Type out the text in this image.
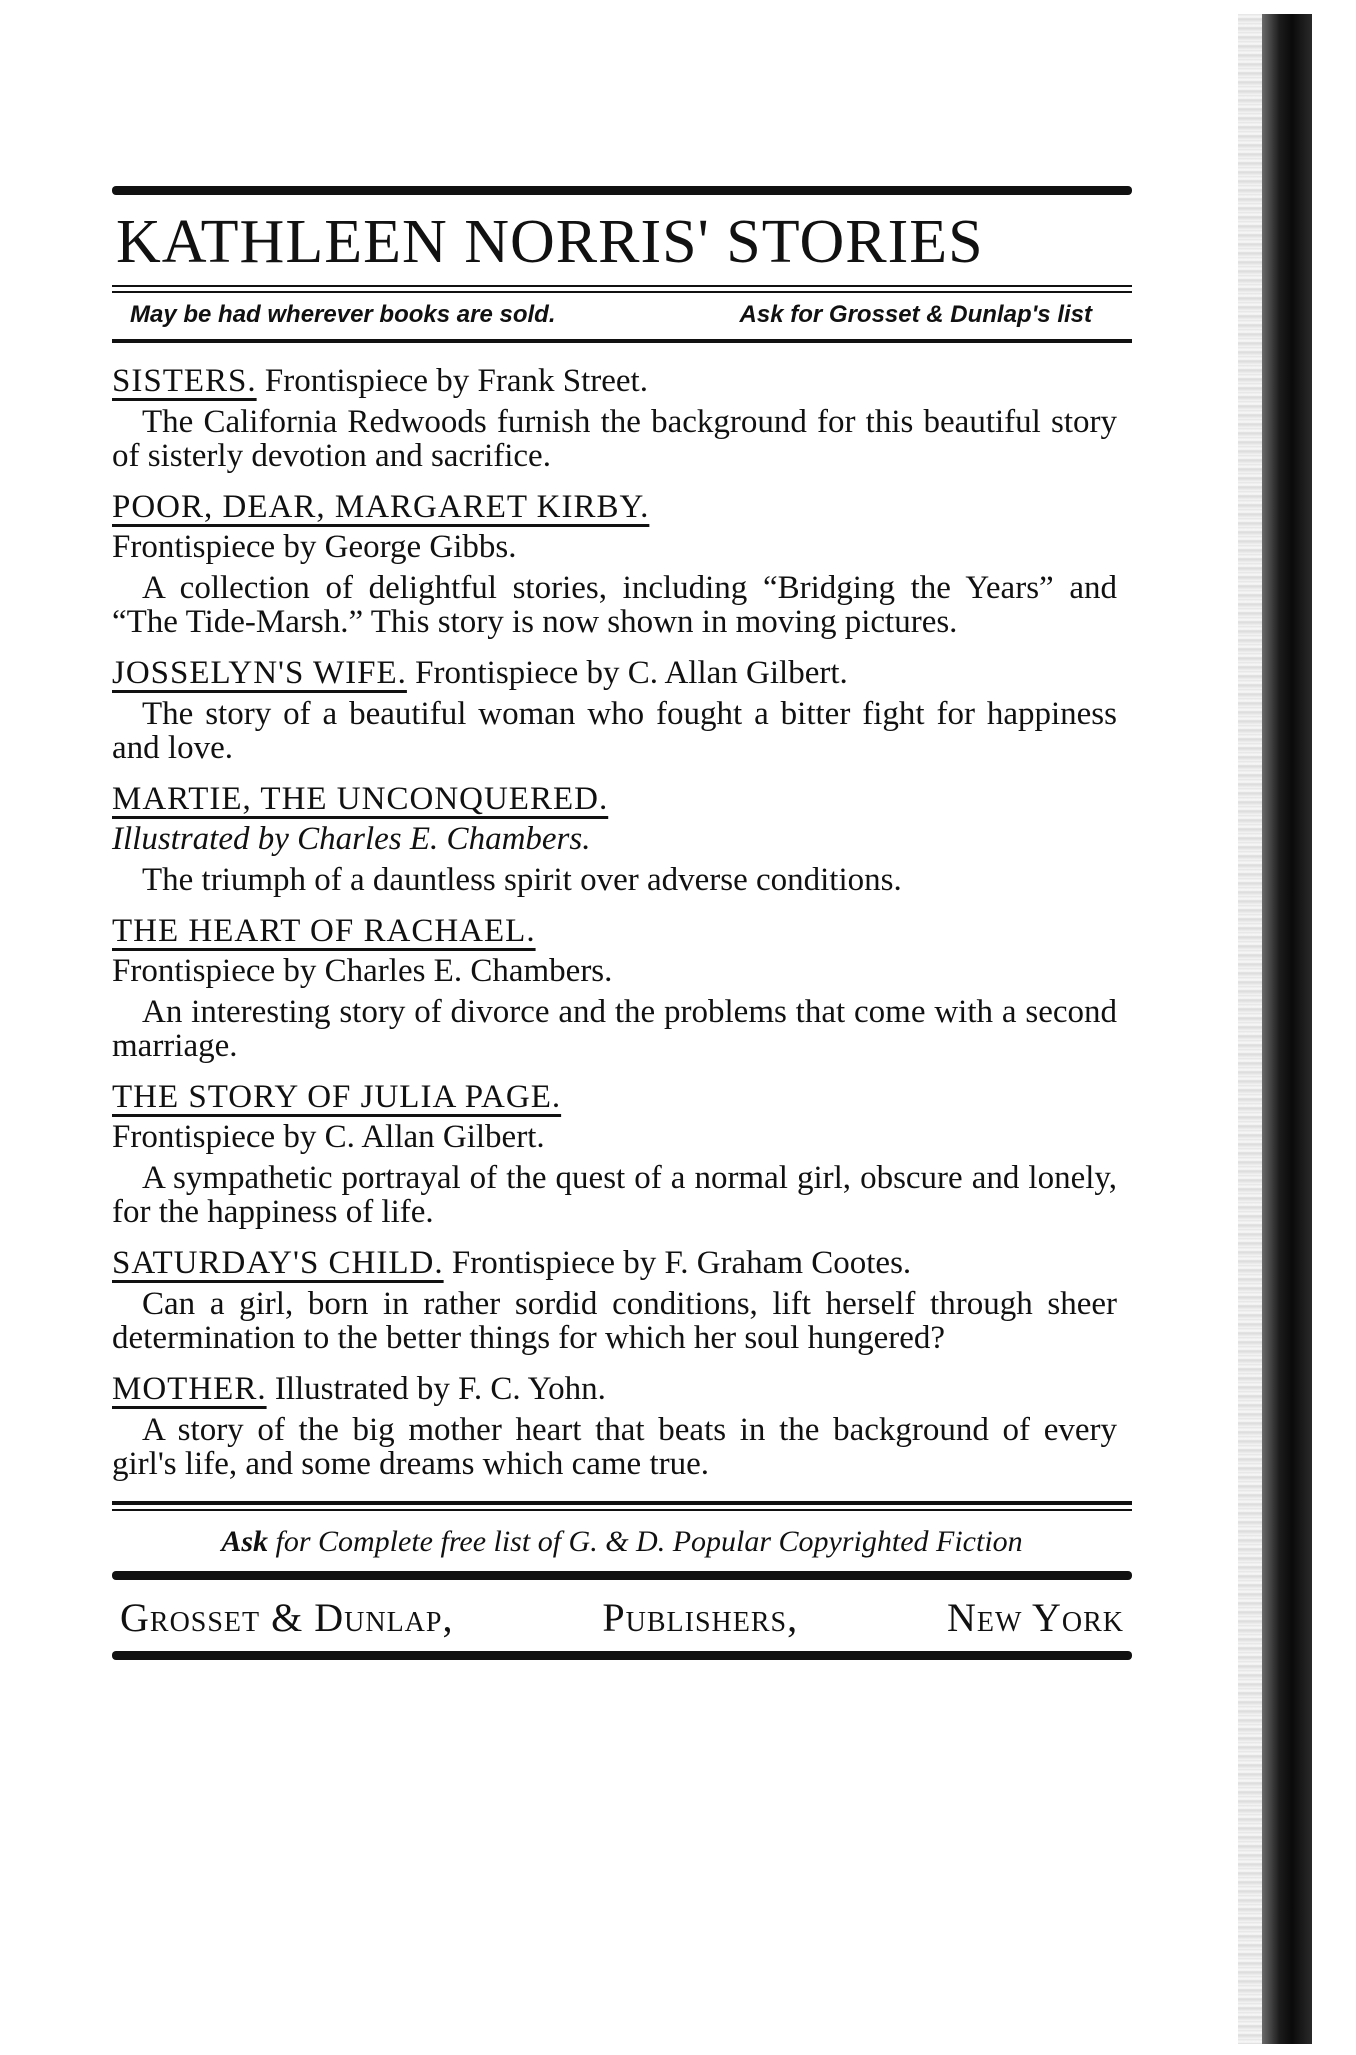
KATHLEEN NORRIS' STORIES
May be had wherever books are sold.	Ask for Grosset & Dunlap's list
SISTERS. Frontispiece by Frank Street.
The California Redwoods furnish the background for this beautiful story of sisterly devotion and sacrifice.
POOR, DEAR, MARGARET KIRBY.
Frontispiece by George Gibbs.
A collection of delightful stories, including “Bridging the Years” and “The Tide-Marsh.” This story is now shown in moving pictures.
JOSSELYN'S WIFE. Frontispiece by C. Allan Gilbert.
The story of a beautiful woman who fought a bitter fight for happiness and love.
MARTIE, THE UNCONQUERED.
Illustrated by Charles E. Chambers.
The triumph of a dauntless spirit over adverse conditions.
THE HEART OF RACHAEL.
Frontispiece by Charles E. Chambers.
An interesting story of divorce and the problems that come with a second marriage.
THE STORY OF JULIA PAGE.
Frontispiece by C. Allan Gilbert.
A sympathetic portrayal of the quest of a normal girl, obscure and lonely, for the happiness of life.
SATURDAY'S CHILD. Frontispiece by F. Graham Cootes.
Can a girl, born in rather sordid conditions, lift herself through sheer determination to the better things for which her soul hungered?
MOTHER. Illustrated by F. C. Yohn.
A story of the big mother heart that beats in the background of every girl's life, and some dreams which came true.
Ask for Complete free list of G. & D. Popular Copyrighted Fiction
Grosset & Dunlap,	Publishers,	New York
